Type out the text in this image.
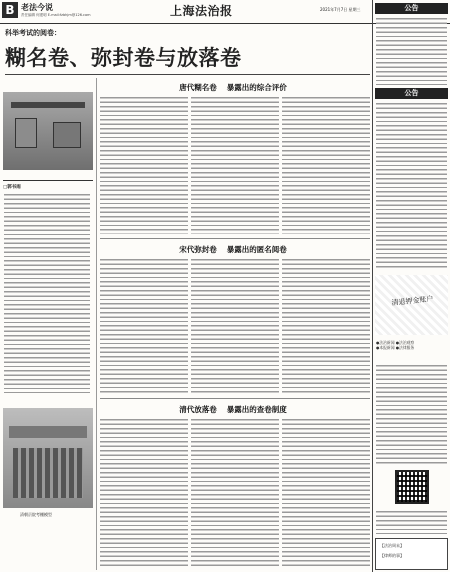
B 老法今说
责任编辑 何建明 E-mail:fzbhjm@126.com	上海法治报	2021年7月7日 星期三
科举考试的阅卷：
糊名卷、弥封卷与放落卷
□郭书雨
清朝贡院考棚模型
唐代糊名卷 暴露出的综合评价
宋代弥封卷 暴露出的匿名阅卷
清代放落卷 暴露出的查卷制度
公告
公告
清退押金账户
●法治新闻 ●法治观察
●本报新闻 ●法律服务
【法治周末】
【律师的事】
